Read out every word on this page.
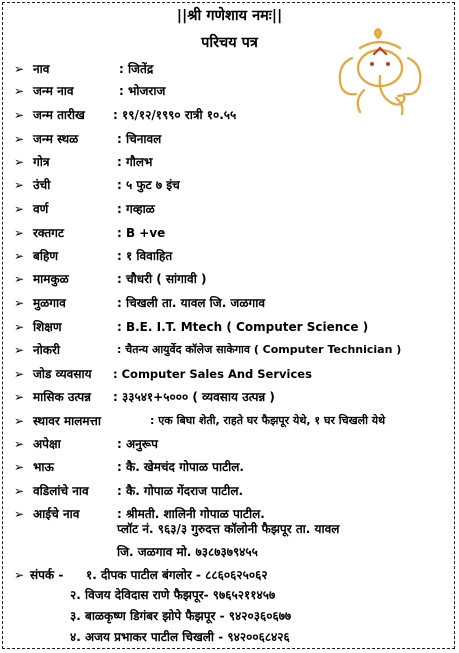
||श्री गणेशाय नमः||
परिचय पत्र
➢ नाव	: जितेंद्र
➢ जन्म नाव	: भोजराज
➢ जन्म तारीख : १९/१२/१९९० रात्री १०.५५
➢ जन्म स्थळ	: चिनावल
➢ गोत्र	: गौलभ
➢ उंची	: ५ फुट ७ इंच
➢ वर्ण	: गव्हाळ
➢ रक्तगट	: B +ve
➢ बहिण	: १ विवाहित
➢ मामकुळ	: चौधरी ( सांगावी )
➢ मुळगाव	: चिखली ता. यावल जि. जळगाव
➢ शिक्षण	: B.E. I.T. Mtech ( Computer Science )
➢ नोकरी	: चैतन्य आयुर्वेद कॉलेज साकेगाव ( Computer Technician )
➢ जोड व्यवसाय : Computer Sales And Services
➢ मासिक उत्पन्न : ३३५४१+५००० ( व्यवसाय उत्पन्न )
➢ स्थावर मालमत्ता	: एक बिघा शेती, राहते घर फैझपूर येथे, १ घर चिखली येथे
➢ अपेक्षा	: अनुरूप
➢ भाऊ	: कै. खेमचंद गोपाळ पाटील.
➢ वडिलांचे नाव : कै. गोपाळ गेंदराज पाटील.
➢ आईचे नाव	: श्रीमती. शालिनी गोपाळ पाटील.
प्लॉट नं. ९६३/३ गुरुदत्त कॉलोनी फैझपूर ता. यावल
जि. जळगाव मो. ७३८७३७९४५५
➢ संपर्क - १. दीपक पाटील बंगलोर - ८८६०६२५०६२
२. विजय देविदास राणे फैझपूर- ९७६५२११४५७
३. बाळकृष्ण डिगंबर झोपे फैझपूर - ९४२०३६०६७७
४. अजय प्रभाकर पाटील चिखली - ९४२००६८४२६
